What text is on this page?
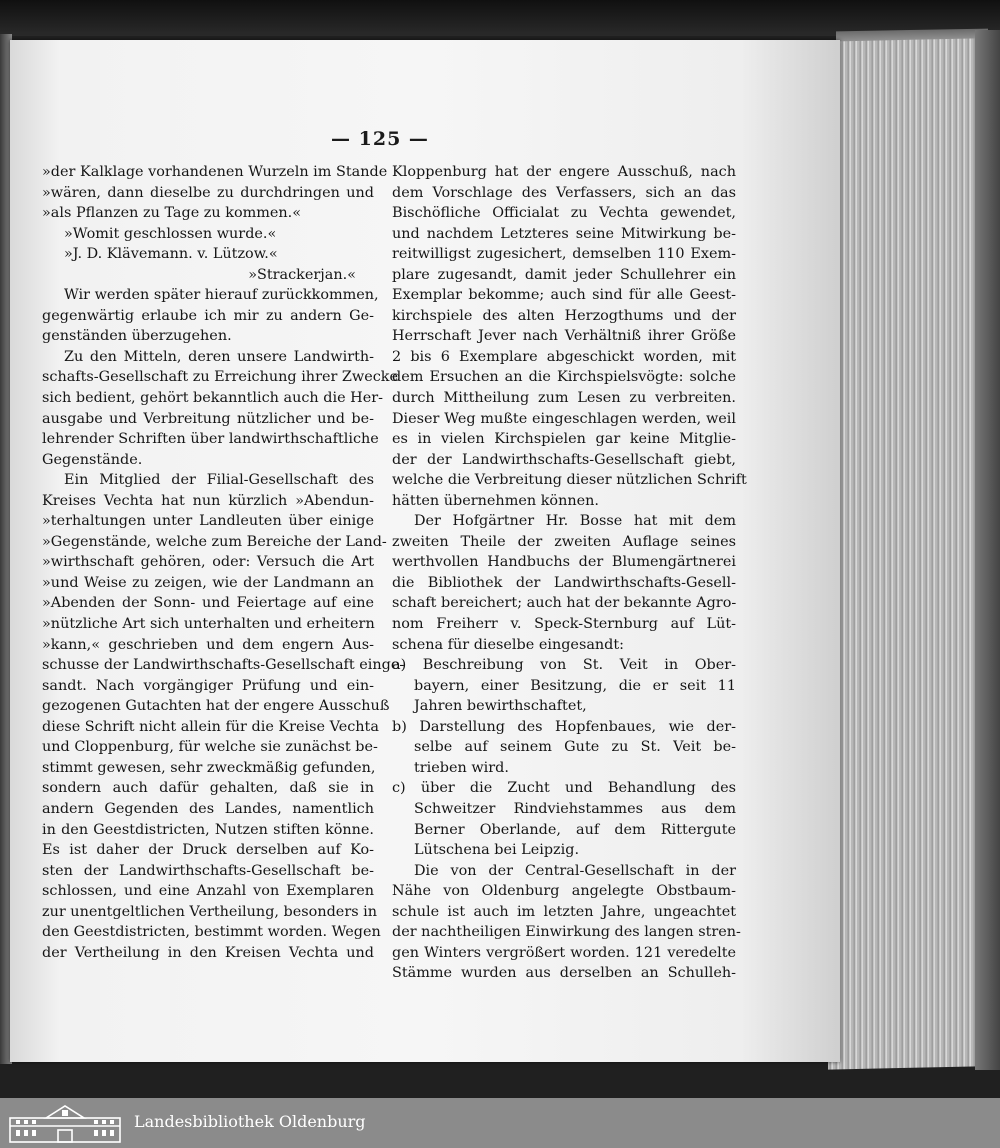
— 125 —
»der Kalklage vorhandenen Wurzeln im Stande
»wären, dann dieselbe zu durchdringen und
»als Pflanzen zu Tage zu kommen.«
»Womit geschlossen wurde.«
»J. D. Klävemann. v. Lützow.«
»Strackerjan.«
Wir werden später hierauf zurückkommen,
gegenwärtig erlaube ich mir zu andern Ge-
genständen überzugehen.
Zu den Mitteln, deren unsere Landwirth-
schafts-Gesellschaft zu Erreichung ihrer Zwecke
sich bedient, gehört bekanntlich auch die Her-
ausgabe und Verbreitung nützlicher und be-
lehrender Schriften über landwirthschaftliche
Gegenstände.
Ein Mitglied der Filial-Gesellschaft des
Kreises Vechta hat nun kürzlich »Abendun-
»terhaltungen unter Landleuten über einige
»Gegenstände, welche zum Bereiche der Land-
»wirthschaft gehören, oder: Versuch die Art
»und Weise zu zeigen, wie der Landmann an
»Abenden der Sonn- und Feiertage auf eine
»nützliche Art sich unterhalten und erheitern
»kann,« geschrieben und dem engern Aus-
schusse der Landwirthschafts-Gesellschaft einge-
sandt. Nach vorgängiger Prüfung und ein-
gezogenen Gutachten hat der engere Ausschuß
diese Schrift nicht allein für die Kreise Vechta
und Cloppenburg, für welche sie zunächst be-
stimmt gewesen, sehr zweckmäßig gefunden,
sondern auch dafür gehalten, daß sie in
andern Gegenden des Landes, namentlich
in den Geestdistricten, Nutzen stiften könne.
Es ist daher der Druck derselben auf Ko-
sten der Landwirthschafts-Gesellschaft be-
schlossen, und eine Anzahl von Exemplaren
zur unentgeltlichen Vertheilung, besonders in
den Geestdistricten, bestimmt worden. Wegen
der Vertheilung in den Kreisen Vechta und
Kloppenburg hat der engere Ausschuß, nach
dem Vorschlage des Verfassers, sich an das
Bischöfliche Officialat zu Vechta gewendet,
und nachdem Letzteres seine Mitwirkung be-
reitwilligst zugesichert, demselben 110 Exem-
plare zugesandt, damit jeder Schullehrer ein
Exemplar bekomme; auch sind für alle Geest-
kirchspiele des alten Herzogthums und der
Herrschaft Jever nach Verhältniß ihrer Größe
2 bis 6 Exemplare abgeschickt worden, mit
dem Ersuchen an die Kirchspielsvögte: solche
durch Mittheilung zum Lesen zu verbreiten.
Dieser Weg mußte eingeschlagen werden, weil
es in vielen Kirchspielen gar keine Mitglie-
der der Landwirthschafts-Gesellschaft giebt,
welche die Verbreitung dieser nützlichen Schrift
hätten übernehmen können.
Der Hofgärtner Hr. Bosse hat mit dem
zweiten Theile der zweiten Auflage seines
werthvollen Handbuchs der Blumengärtnerei
die Bibliothek der Landwirthschafts-Gesell-
schaft bereichert; auch hat der bekannte Agro-
nom Freiherr v. Speck-Sternburg auf Lüt-
schena für dieselbe eingesandt:
a) Beschreibung von St. Veit in Ober-
bayern, einer Besitzung, die er seit 11
Jahren bewirthschaftet,
b) Darstellung des Hopfenbaues, wie der-
selbe auf seinem Gute zu St. Veit be-
trieben wird.
c) über die Zucht und Behandlung des
Schweitzer Rindviehstammes aus dem
Berner Oberlande, auf dem Rittergute
Lütschena bei Leipzig.
Die von der Central-Gesellschaft in der
Nähe von Oldenburg angelegte Obstbaum-
schule ist auch im letzten Jahre, ungeachtet
der nachtheiligen Einwirkung des langen stren-
gen Winters vergrößert worden. 121 veredelte
Stämme wurden aus derselben an Schulleh-
Landesbibliothek Oldenburg
